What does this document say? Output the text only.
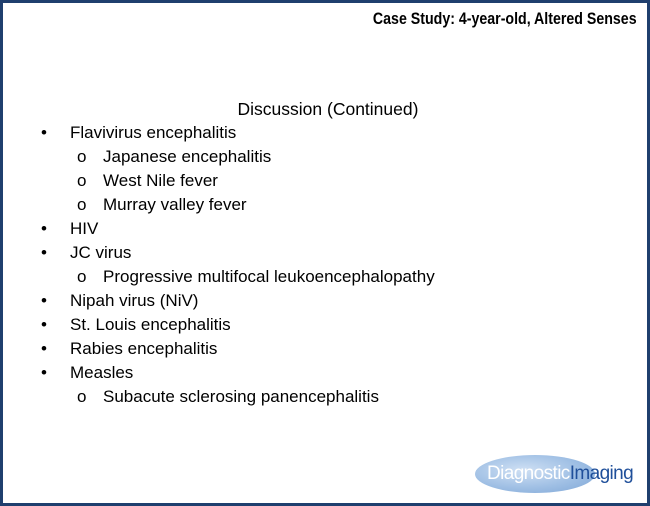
Case Study: 4-year-old, Altered Senses
Discussion (Continued)
• Flavivirus encephalitis
o Japanese encephalitis
o West Nile fever
o Murray valley fever
• HIV
• JC virus
o Progressive multifocal leukoencephalopathy
• Nipah virus (NiV)
• St. Louis encephalitis
• Rabies encephalitis
• Measles
o Subacute sclerosing panencephalitis
DiagnosticImaging
